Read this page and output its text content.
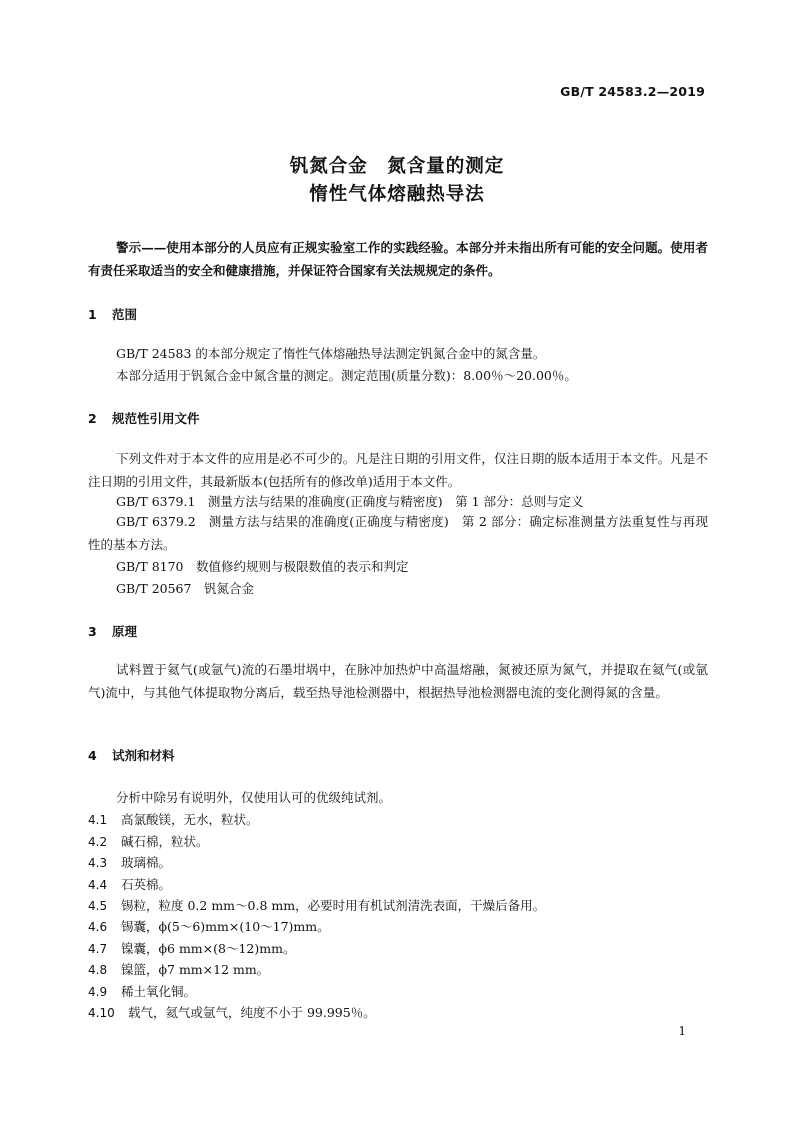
GB/T 24583.2—2019
钒氮合金　氮含量的测定
惰性气体熔融热导法
警示——使用本部分的人员应有正规实验室工作的实践经验。本部分并未指出所有可能的安全问题。使用者有责任采取适当的安全和健康措施，并保证符合国家有关法规规定的条件。
1 范围
GB/T 24583 的本部分规定了惰性气体熔融热导法测定钒氮合金中的氮含量。
本部分适用于钒氮合金中氮含量的测定。测定范围(质量分数)：8.00％～20.00％。
2 规范性引用文件
下列文件对于本文件的应用是必不可少的。凡是注日期的引用文件，仅注日期的版本适用于本文件。凡是不注日期的引用文件，其最新版本(包括所有的修改单)适用于本文件。
GB/T 6379.1　测量方法与结果的准确度(正确度与精密度)　第 1 部分：总则与定义
GB/T 6379.2　测量方法与结果的准确度(正确度与精密度)　第 2 部分：确定标准测量方法重复性与再现性的基本方法。
GB/T 8170　数值修约规则与极限数值的表示和判定
GB/T 20567　钒氮合金
3 原理
试料置于氦气(或氩气)流的石墨坩埚中，在脉冲加热炉中高温熔融，氮被还原为氮气，并提取在氦气(或氩气)流中，与其他气体提取物分离后，载至热导池检测器中，根据热导池检测器电流的变化测得氮的含量。
4 试剂和材料
分析中除另有说明外，仅使用认可的优级纯试剂。
4.1 高氯酸镁，无水，粒状。
4.2 碱石棉，粒状。
4.3 玻璃棉。
4.4 石英棉。
4.5 锡粒，粒度 0.2 mm～0.8 mm，必要时用有机试剂清洗表面，干燥后备用。
4.6 锡囊，ϕ(5～6)mm×(10～17)mm。
4.7 镍囊，ϕ6 mm×(8～12)mm。
4.8 镍篮，ϕ7 mm×12 mm。
4.9 稀土氧化铜。
4.10 载气，氦气或氩气，纯度不小于 99.995％。
1
